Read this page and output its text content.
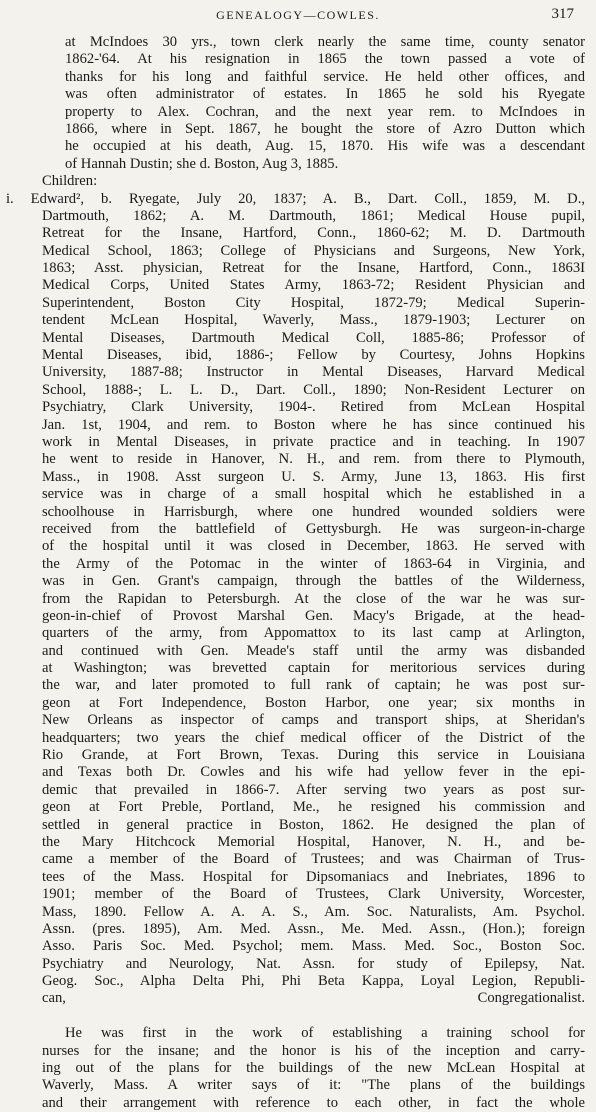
GENEALOGY—COWLES.	317
at McIndoes 30 yrs., town clerk nearly the same time, county senator
1862-'64. At his resignation in 1865 the town passed a vote of
thanks for his long and faithful service. He held other offices, and
was often administrator of estates. In 1865 he sold his Ryegate
property to Alex. Cochran, and the next year rem. to McIndoes in
1866, where in Sept. 1867, he bought the store of Azro Dutton which
he occupied at his death, Aug. 15, 1870. His wife was a descendant
of Hannah Dustin; she d. Boston, Aug 3, 1885.
Children:
i. Edward², b. Ryegate, July 20, 1837; A. B., Dart. Coll., 1859, M. D.,
Dartmouth, 1862; A. M. Dartmouth, 1861; Medical House pupil,
Retreat for the Insane, Hartford, Conn., 1860-62; M. D. Dartmouth
Medical School, 1863; College of Physicians and Surgeons, New York,
1863; Asst. physician, Retreat for the Insane, Hartford, Conn., 1863I
Medical Corps, United States Army, 1863-72; Resident Physician and
Superintendent, Boston City Hospital, 1872-79; Medical Superin-
tendent McLean Hospital, Waverly, Mass., 1879-1903; Lecturer on
Mental Diseases, Dartmouth Medical Coll, 1885-86; Professor of
Mental Diseases, ibid, 1886-; Fellow by Courtesy, Johns Hopkins
University, 1887-88; Instructor in Mental Diseases, Harvard Medical
School, 1888-; L. L. D., Dart. Coll., 1890; Non-Resident Lecturer on
Psychiatry, Clark University, 1904-. Retired from McLean Hospital
Jan. 1st, 1904, and rem. to Boston where he has since continued his
work in Mental Diseases, in private practice and in teaching. In 1907
he went to reside in Hanover, N. H., and rem. from there to Plymouth,
Mass., in 1908. Asst surgeon U. S. Army, June 13, 1863. His first
service was in charge of a small hospital which he established in a
schoolhouse in Harrisburgh, where one hundred wounded soldiers were
received from the battlefield of Gettysburgh. He was surgeon-in-charge
of the hospital until it was closed in December, 1863. He served with
the Army of the Potomac in the winter of 1863-64 in Virginia, and
was in Gen. Grant's campaign, through the battles of the Wilderness,
from the Rapidan to Petersburgh. At the close of the war he was sur-
geon-in-chief of Provost Marshal Gen. Macy's Brigade, at the head-
quarters of the army, from Appomattox to its last camp at Arlington,
and continued with Gen. Meade's staff until the army was disbanded
at Washington; was brevetted captain for meritorious services during
the war, and later promoted to full rank of captain; he was post sur-
geon at Fort Independence, Boston Harbor, one year; six months in
New Orleans as inspector of camps and transport ships, at Sheridan's
headquarters; two years the chief medical officer of the District of the
Rio Grande, at Fort Brown, Texas. During this service in Louisiana
and Texas both Dr. Cowles and his wife had yellow fever in the epi-
demic that prevailed in 1866-7. After serving two years as post sur-
geon at Fort Preble, Portland, Me., he resigned his commission and
settled in general practice in Boston, 1862. He designed the plan of
the Mary Hitchcock Memorial Hospital, Hanover, N. H., and be-
came a member of the Board of Trustees; and was Chairman of Trus-
tees of the Mass. Hospital for Dipsomaniacs and Inebriates, 1896 to
1901; member of the Board of Trustees, Clark University, Worcester,
Mass, 1890. Fellow A. A. A. S., Am. Soc. Naturalists, Am. Psychol.
Assn. (pres. 1895), Am. Med. Assn., Me. Med. Assn., (Hon.); foreign
Asso. Paris Soc. Med. Psychol; mem. Mass. Med. Soc., Boston Soc.
Psychiatry and Neurology, Nat. Assn. for study of Epilepsy, Nat.
Geog. Soc., Alpha Delta Phi, Phi Beta Kappa, Loyal Legion, Republi-
can, Congregationalist.
He was first in the work of establishing a training school for
nurses for the insane; and the honor is his of the inception and carry-
ing out of the plans for the buildings of the new McLean Hospital at
Waverly, Mass. A writer says of it: "The plans of the buildings
and their arrangement with reference to each other, in fact the whole
